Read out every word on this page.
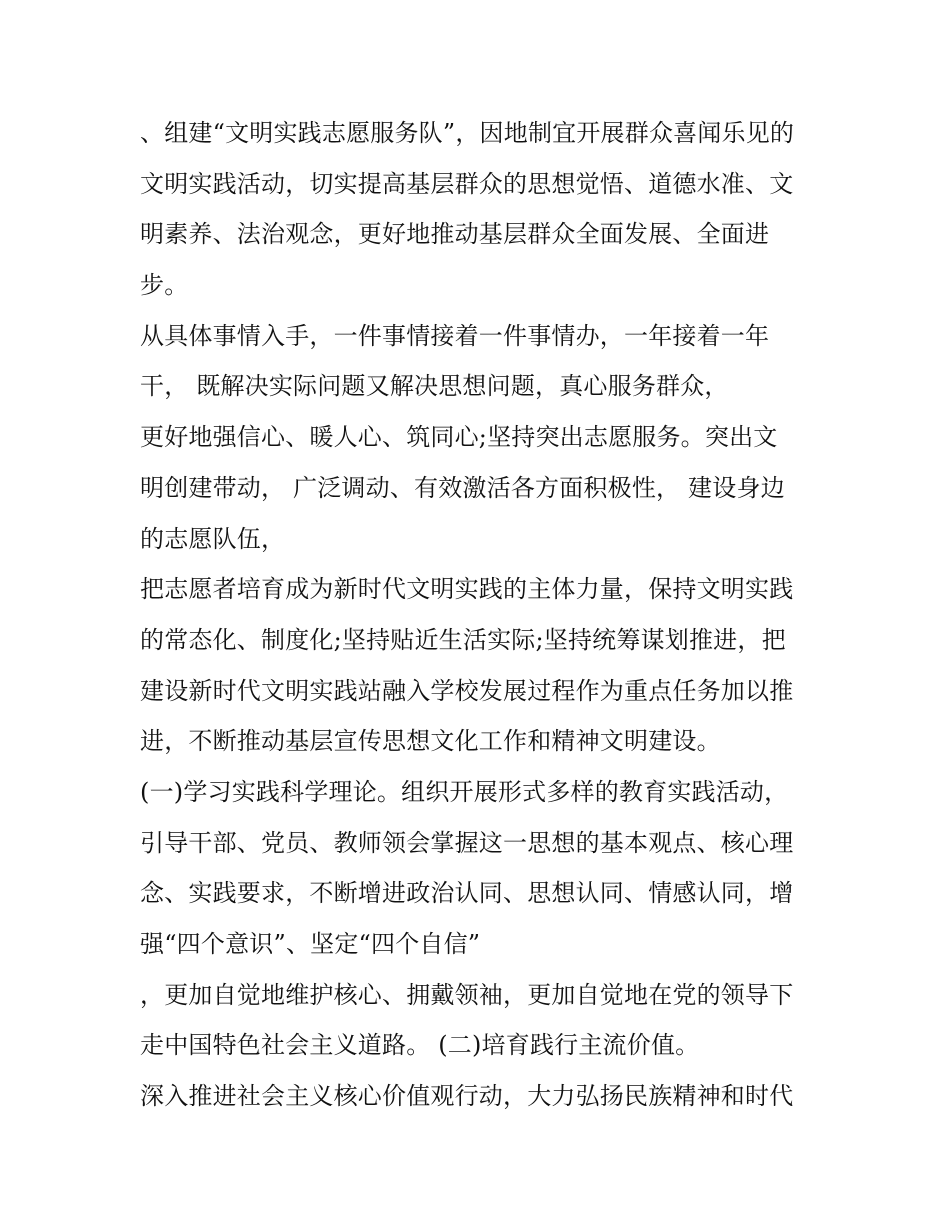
、组建“文明实践志愿服务队”，因地制宜开展群众喜闻乐见的
文明实践活动，切实提高基层群众的思想觉悟、道德水准、文
明素养、法治观念，更好地推动基层群众全面发展、全面进
步。
从具体事情入手，一件事情接着一件事情办，一年接着一年
干， 既解决实际问题又解决思想问题，真心服务群众，
更好地强信心、暖人心、筑同心;坚持突出志愿服务。突出文
明创建带动， 广泛调动、有效激活各方面积极性， 建设身边
的志愿队伍，
把志愿者培育成为新时代文明实践的主体力量，保持文明实践
的常态化、制度化;坚持贴近生活实际;坚持统筹谋划推进，把
建设新时代文明实践站融入学校发展过程作为重点任务加以推
进，不断推动基层宣传思想文化工作和精神文明建设。
(一)学习实践科学理论。组织开展形式多样的教育实践活动，
引导干部、党员、教师领会掌握这一思想的基本观点、核心理
念、实践要求，不断增进政治认同、思想认同、情感认同，增
强“四个意识”、坚定“四个自信”
，更加自觉地维护核心、拥戴领袖，更加自觉地在党的领导下
走中国特色社会主义道路。 (二)培育践行主流价值。
深入推进社会主义核心价值观行动，大力弘扬民族精神和时代
